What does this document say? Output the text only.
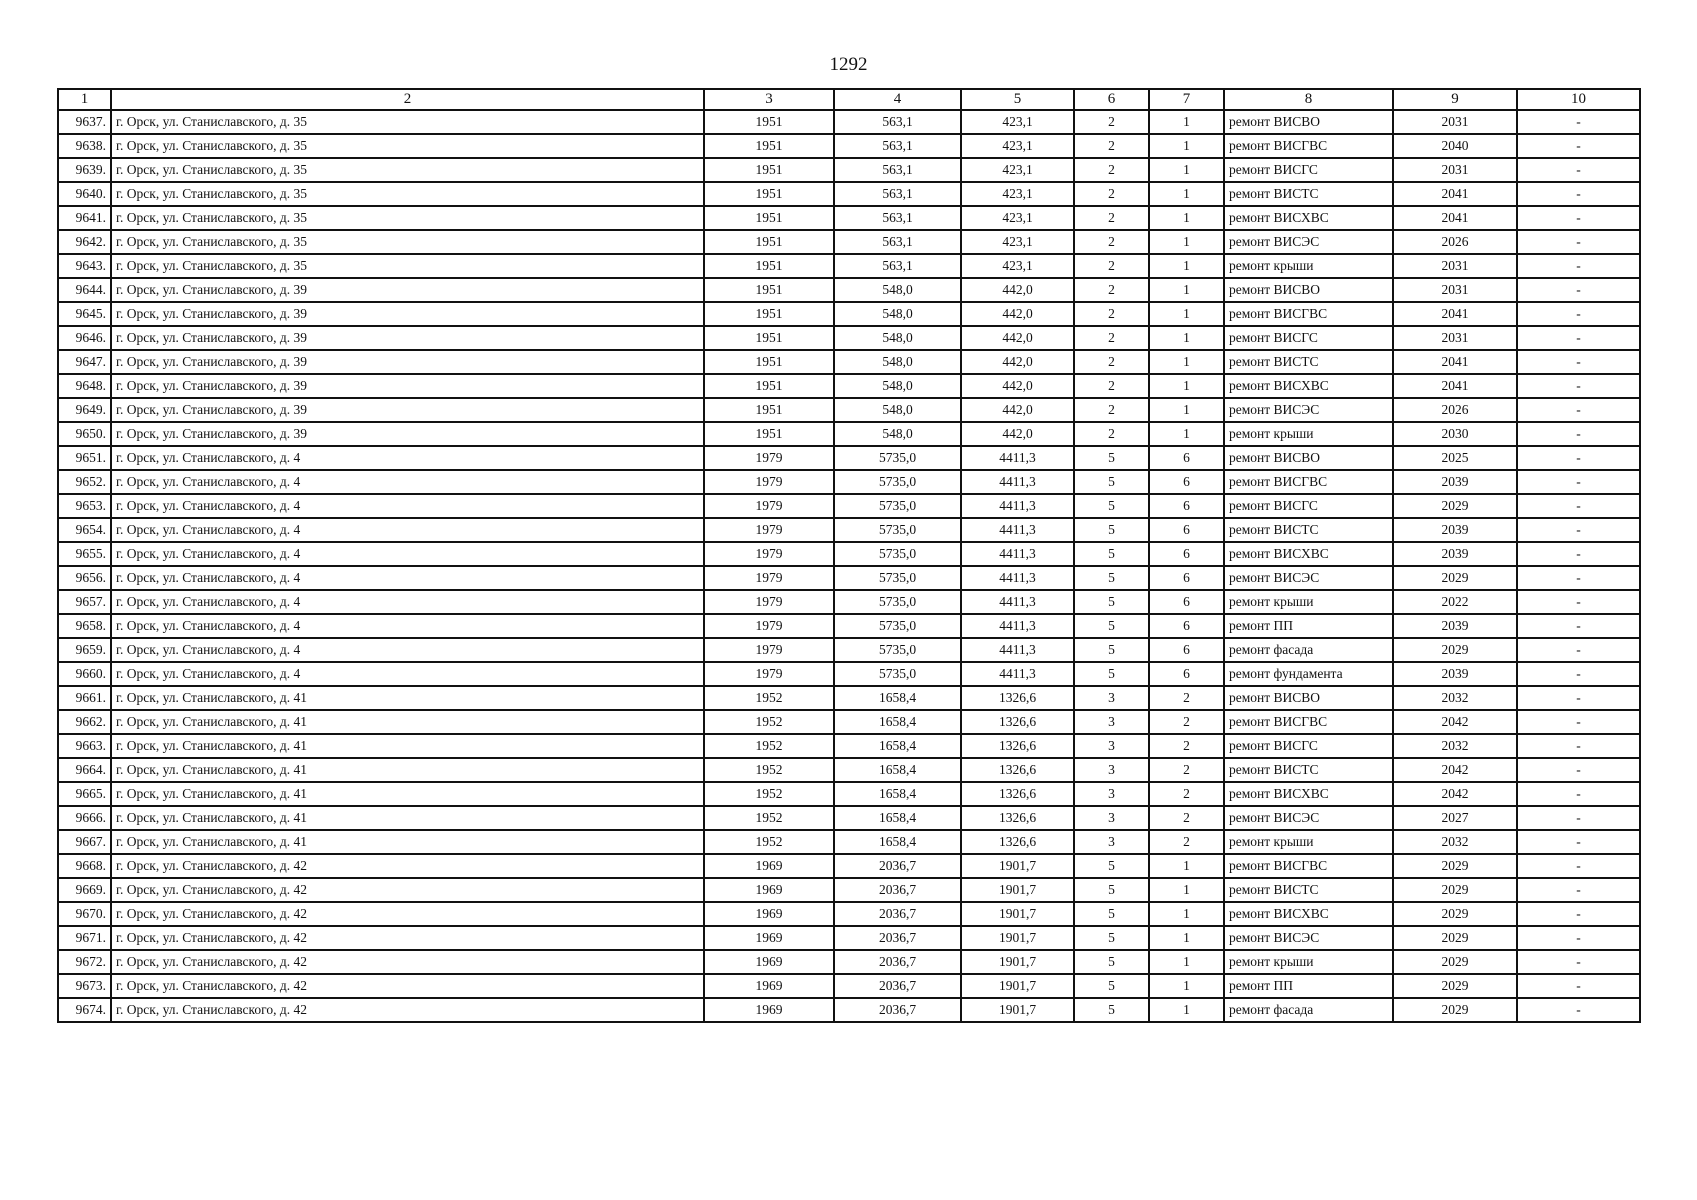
1292
1	2	3	4	5	6	7	8	9	10
9637.	г. Орск, ул. Станиславского, д. 35	1951	563,1	423,1	2	1	ремонт ВИСВО	2031	-
9638.	г. Орск, ул. Станиславского, д. 35	1951	563,1	423,1	2	1	ремонт ВИСГВС	2040	-
9639.	г. Орск, ул. Станиславского, д. 35	1951	563,1	423,1	2	1	ремонт ВИСГС	2031	-
9640.	г. Орск, ул. Станиславского, д. 35	1951	563,1	423,1	2	1	ремонт ВИСТС	2041	-
9641.	г. Орск, ул. Станиславского, д. 35	1951	563,1	423,1	2	1	ремонт ВИСХВС	2041	-
9642.	г. Орск, ул. Станиславского, д. 35	1951	563,1	423,1	2	1	ремонт ВИСЭС	2026	-
9643.	г. Орск, ул. Станиславского, д. 35	1951	563,1	423,1	2	1	ремонт крыши	2031	-
9644.	г. Орск, ул. Станиславского, д. 39	1951	548,0	442,0	2	1	ремонт ВИСВО	2031	-
9645.	г. Орск, ул. Станиславского, д. 39	1951	548,0	442,0	2	1	ремонт ВИСГВС	2041	-
9646.	г. Орск, ул. Станиславского, д. 39	1951	548,0	442,0	2	1	ремонт ВИСГС	2031	-
9647.	г. Орск, ул. Станиславского, д. 39	1951	548,0	442,0	2	1	ремонт ВИСТС	2041	-
9648.	г. Орск, ул. Станиславского, д. 39	1951	548,0	442,0	2	1	ремонт ВИСХВС	2041	-
9649.	г. Орск, ул. Станиславского, д. 39	1951	548,0	442,0	2	1	ремонт ВИСЭС	2026	-
9650.	г. Орск, ул. Станиславского, д. 39	1951	548,0	442,0	2	1	ремонт крыши	2030	-
9651.	г. Орск, ул. Станиславского, д. 4	1979	5735,0	4411,3	5	6	ремонт ВИСВО	2025	-
9652.	г. Орск, ул. Станиславского, д. 4	1979	5735,0	4411,3	5	6	ремонт ВИСГВС	2039	-
9653.	г. Орск, ул. Станиславского, д. 4	1979	5735,0	4411,3	5	6	ремонт ВИСГС	2029	-
9654.	г. Орск, ул. Станиславского, д. 4	1979	5735,0	4411,3	5	6	ремонт ВИСТС	2039	-
9655.	г. Орск, ул. Станиславского, д. 4	1979	5735,0	4411,3	5	6	ремонт ВИСХВС	2039	-
9656.	г. Орск, ул. Станиславского, д. 4	1979	5735,0	4411,3	5	6	ремонт ВИСЭС	2029	-
9657.	г. Орск, ул. Станиславского, д. 4	1979	5735,0	4411,3	5	6	ремонт крыши	2022	-
9658.	г. Орск, ул. Станиславского, д. 4	1979	5735,0	4411,3	5	6	ремонт ПП	2039	-
9659.	г. Орск, ул. Станиславского, д. 4	1979	5735,0	4411,3	5	6	ремонт фасада	2029	-
9660.	г. Орск, ул. Станиславского, д. 4	1979	5735,0	4411,3	5	6	ремонт фундамента	2039	-
9661.	г. Орск, ул. Станиславского, д. 41	1952	1658,4	1326,6	3	2	ремонт ВИСВО	2032	-
9662.	г. Орск, ул. Станиславского, д. 41	1952	1658,4	1326,6	3	2	ремонт ВИСГВС	2042	-
9663.	г. Орск, ул. Станиславского, д. 41	1952	1658,4	1326,6	3	2	ремонт ВИСГС	2032	-
9664.	г. Орск, ул. Станиславского, д. 41	1952	1658,4	1326,6	3	2	ремонт ВИСТС	2042	-
9665.	г. Орск, ул. Станиславского, д. 41	1952	1658,4	1326,6	3	2	ремонт ВИСХВС	2042	-
9666.	г. Орск, ул. Станиславского, д. 41	1952	1658,4	1326,6	3	2	ремонт ВИСЭС	2027	-
9667.	г. Орск, ул. Станиславского, д. 41	1952	1658,4	1326,6	3	2	ремонт крыши	2032	-
9668.	г. Орск, ул. Станиславского, д. 42	1969	2036,7	1901,7	5	1	ремонт ВИСГВС	2029	-
9669.	г. Орск, ул. Станиславского, д. 42	1969	2036,7	1901,7	5	1	ремонт ВИСТС	2029	-
9670.	г. Орск, ул. Станиславского, д. 42	1969	2036,7	1901,7	5	1	ремонт ВИСХВС	2029	-
9671.	г. Орск, ул. Станиславского, д. 42	1969	2036,7	1901,7	5	1	ремонт ВИСЭС	2029	-
9672.	г. Орск, ул. Станиславского, д. 42	1969	2036,7	1901,7	5	1	ремонт крыши	2029	-
9673.	г. Орск, ул. Станиславского, д. 42	1969	2036,7	1901,7	5	1	ремонт ПП	2029	-
9674.	г. Орск, ул. Станиславского, д. 42	1969	2036,7	1901,7	5	1	ремонт фасада	2029	-
